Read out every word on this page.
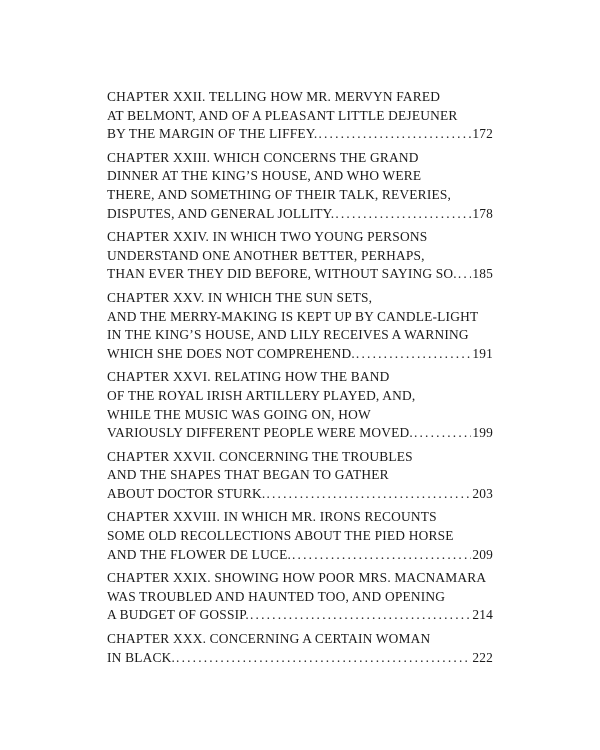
CHAPTER XXII. TELLING HOW MR. MERVYN FARED
AT BELMONT, AND OF A PLEASANT LITTLE DEJEUNER
BY THE MARGIN OF THE LIFFEY. .....	172
CHAPTER XXIII. WHICH CONCERNS THE GRAND
DINNER AT THE KING’S HOUSE, AND WHO WERE
THERE, AND SOMETHING OF THEIR TALK, REVERIES,
DISPUTES, AND GENERAL JOLLITY. .....	178
CHAPTER XXIV. IN WHICH TWO YOUNG PERSONS
UNDERSTAND ONE ANOTHER BETTER, PERHAPS,
THAN EVER THEY DID BEFORE, WITHOUT SAYING SO. ..... 185
CHAPTER XXV. IN WHICH THE SUN SETS,
AND THE MERRY-MAKING IS KEPT UP BY CANDLE-LIGHT
IN THE KING’S HOUSE, AND LILY RECEIVES A WARNING
WHICH SHE DOES NOT COMPREHEND. .....	191
CHAPTER XXVI. RELATING HOW THE BAND
OF THE ROYAL IRISH ARTILLERY PLAYED, AND,
WHILE THE MUSIC WAS GOING ON, HOW
VARIOUSLY DIFFERENT PEOPLE WERE MOVED. .....	199
CHAPTER XXVII. CONCERNING THE TROUBLES
AND THE SHAPES THAT BEGAN TO GATHER
ABOUT DOCTOR STURK. .....	203
CHAPTER XXVIII. IN WHICH MR. IRONS RECOUNTS
SOME OLD RECOLLECTIONS ABOUT THE PIED HORSE
AND THE FLOWER DE LUCE. .....	209
CHAPTER XXIX. SHOWING HOW POOR MRS. MACNAMARA
WAS TROUBLED AND HAUNTED TOO, AND OPENING
A BUDGET OF GOSSIP. .....	214
CHAPTER XXX. CONCERNING A CERTAIN WOMAN
IN BLACK. .....	222
